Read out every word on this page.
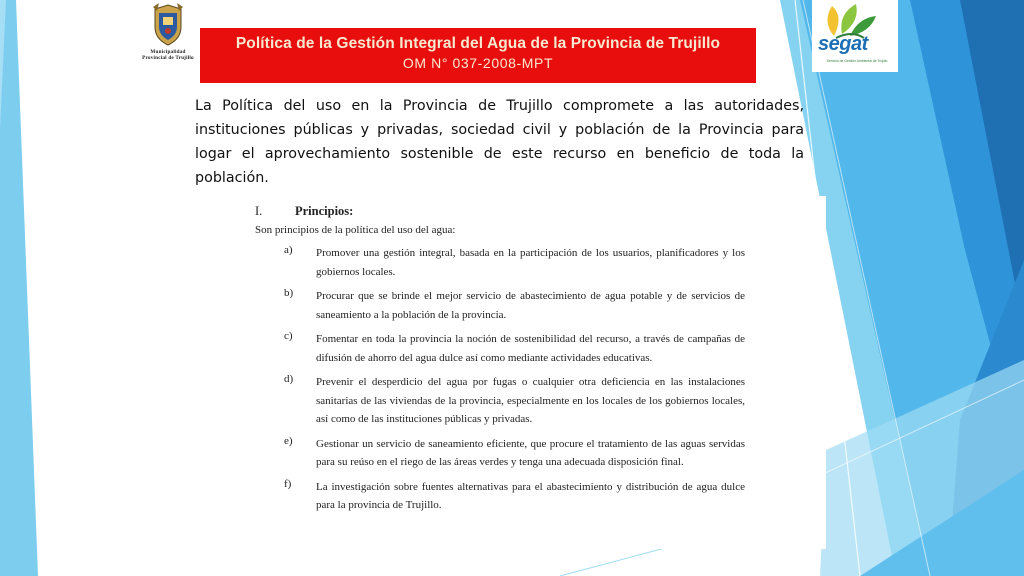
Municipalidad Provincial de Trujillo
Política de la Gestión Integral del Agua de la Provincia de Trujillo
OM N° 037-2008-MPT
segat
Servicio de Gestión Ambiental de Trujillo

La Política del uso en la Provincia de Trujillo compromete a las autoridades, instituciones públicas y privadas, sociedad civil y población de la Provincia para logar el aprovechamiento sostenible de este recurso en beneficio de toda la población.

I.	Principios:
Son principios de la política del uso del agua:
a)	Promover una gestión integral, basada en la participación de los usuarios, planificadores y los gobiernos locales.
b)	Procurar que se brinde el mejor servicio de abastecimiento de agua potable y de servicios de saneamiento a la población de la provincia.
c)	Fomentar en toda la provincia la noción de sostenibilidad del recurso, a través de campañas de difusión de ahorro del agua dulce así como mediante actividades educativas.
d)	Prevenir el desperdicio del agua por fugas o cualquier otra deficiencia en las instalaciones sanitarias de las viviendas de la provincia, especialmente en los locales de los gobiernos locales, así como de las instituciones públicas y privadas.
e)	Gestionar un servicio de saneamiento eficiente, que procure el tratamiento de las aguas servidas para su reúso en el riego de las áreas verdes y tenga una adecuada disposición final.
f)	La investigación sobre fuentes alternativas para el abastecimiento y distribución de agua dulce para la provincia de Trujillo.
